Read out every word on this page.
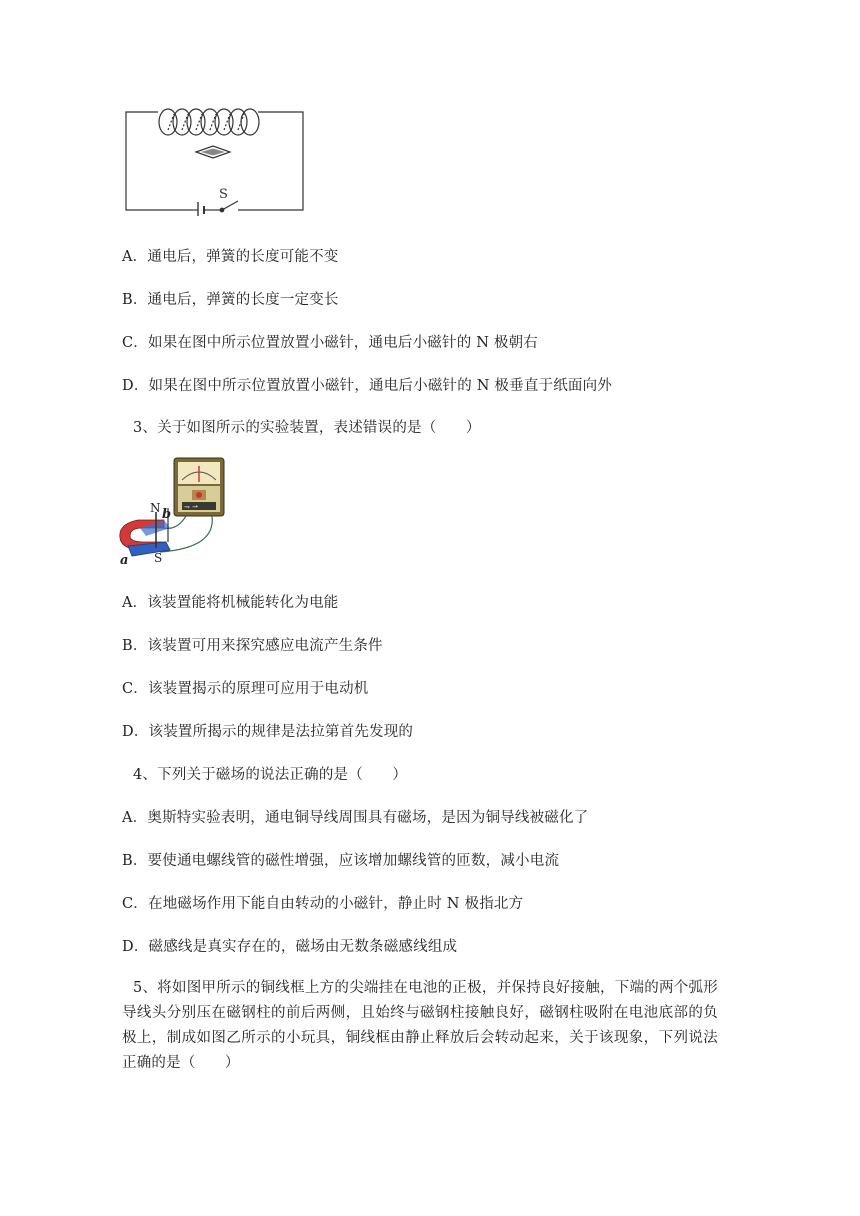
S
A．通电后，弹簧的长度可能不变
B．通电后，弹簧的长度一定变长
C．如果在图中所示位置放置小磁针，通电后小磁针的 N 极朝右
D．如果在图中所示位置放置小磁针，通电后小磁针的 N 极垂直于纸面向外
3、关于如图所示的实验装置，表述错误的是（　　）
⇁ ⇀
N b
S
a
A．该装置能将机械能转化为电能
B．该装置可用来探究感应电流产生条件
C．该装置揭示的原理可应用于电动机
D．该装置所揭示的规律是法拉第首先发现的
4、下列关于磁场的说法正确的是（　　）
A．奥斯特实验表明，通电铜导线周围具有磁场，是因为铜导线被磁化了
B．要使通电螺线管的磁性增强，应该增加螺线管的匝数，减小电流
C．在地磁场作用下能自由转动的小磁针，静止时 N 极指北方
D．磁感线是真实存在的，磁场由无数条磁感线组成
5、将如图甲所示的铜线框上方的尖端挂在电池的正极，并保持良好接触，下端的两个弧形导线头分别压在磁钢柱的前后两侧，且始终与磁钢柱接触良好，磁钢柱吸附在电池底部的负极上，制成如图乙所示的小玩具，铜线框由静止释放后会转动起来，关于该现象，下列说法正确的是（　　）
